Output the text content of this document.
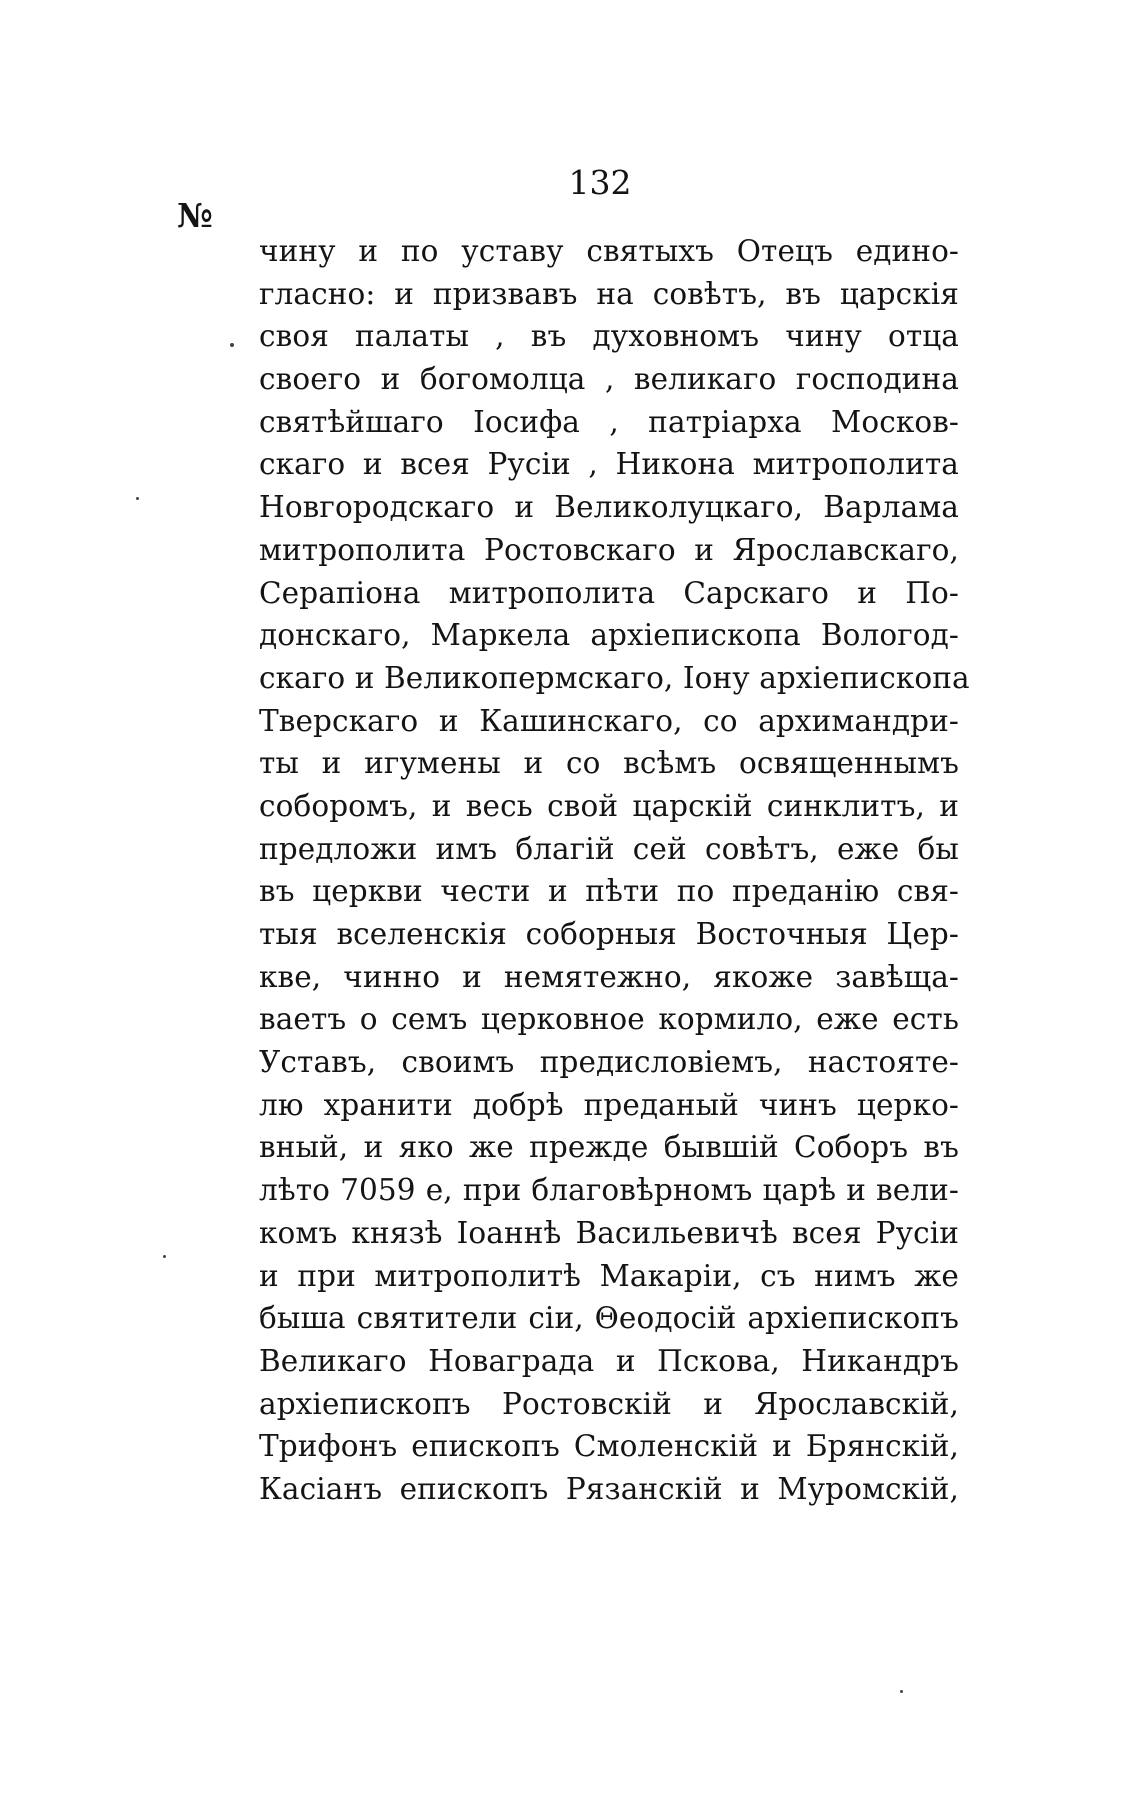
132
№
чину и по уставу святыхъ Отецъ едино-
гласно: и призвавъ на совѣтъ, въ царскія
своя палаты , въ духовномъ чину отца
своего и богомолца , великаго господина
святѣйшаго Іосифа , патріарха Москов-
скаго и всея Русіи , Никона митрополита
Новгородскаго и Великолуцкаго, Варлама
митрополита Ростовскаго и Ярославскаго,
Серапіона митрополита Сарскаго и По-
донскаго, Маркела архіепископа Вологод-
скаго и Великопермскаго, Іону архіепископа
Тверскаго и Кашинскаго, со архимандри-
ты и игумены и со всѣмъ освященнымъ
соборомъ, и весь свой царскій синклитъ, и
предложи имъ благій сей совѣтъ, еже бы
въ церкви чести и пѣти по преданію свя-
тыя вселенскія соборныя Восточныя Цер-
кве, чинно и немятежно, якоже завѣща-
ваетъ о семъ церковное кормило, еже есть
Уставъ, своимъ предисловіемъ, настояте-
лю хранити добрѣ преданый чинъ церко-
вный, и яко же прежде бывшій Соборъ въ
лѣто 7059 е, при благовѣрномъ царѣ и вели-
комъ князѣ Іоаннѣ Васильевичѣ всея Русіи
и при митрополитѣ Макаріи, съ нимъ же
быша святители сіи, Θеодосій архіепископъ
Великаго Новаграда и Пскова, Никандръ
архіепископъ Ростовскій и Ярославскій,
Трифонъ епископъ Смоленскій и Брянскій,
Касіанъ епископъ Рязанскій и Муромскій,
